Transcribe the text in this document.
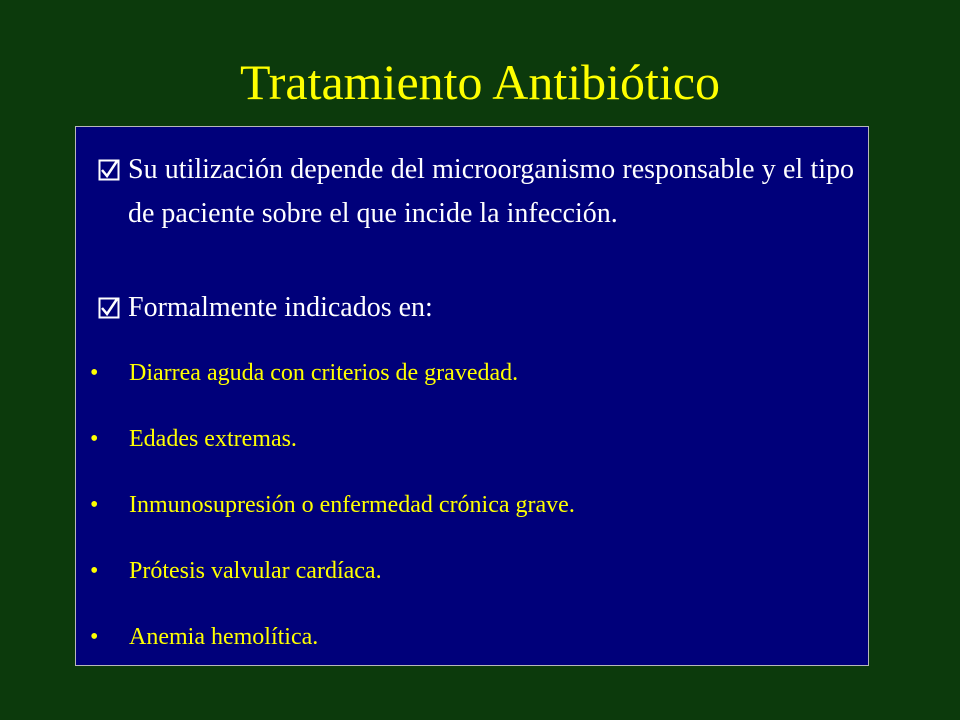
Tratamiento Antibiótico
Su utilización depende del microorganismo responsable y el tipo de paciente sobre el que incide la infección.
Formalmente indicados en:
• Diarrea aguda con criterios de gravedad.
• Edades extremas.
• Inmunosupresión o enfermedad crónica grave.
• Prótesis valvular cardíaca.
• Anemia hemolítica.
